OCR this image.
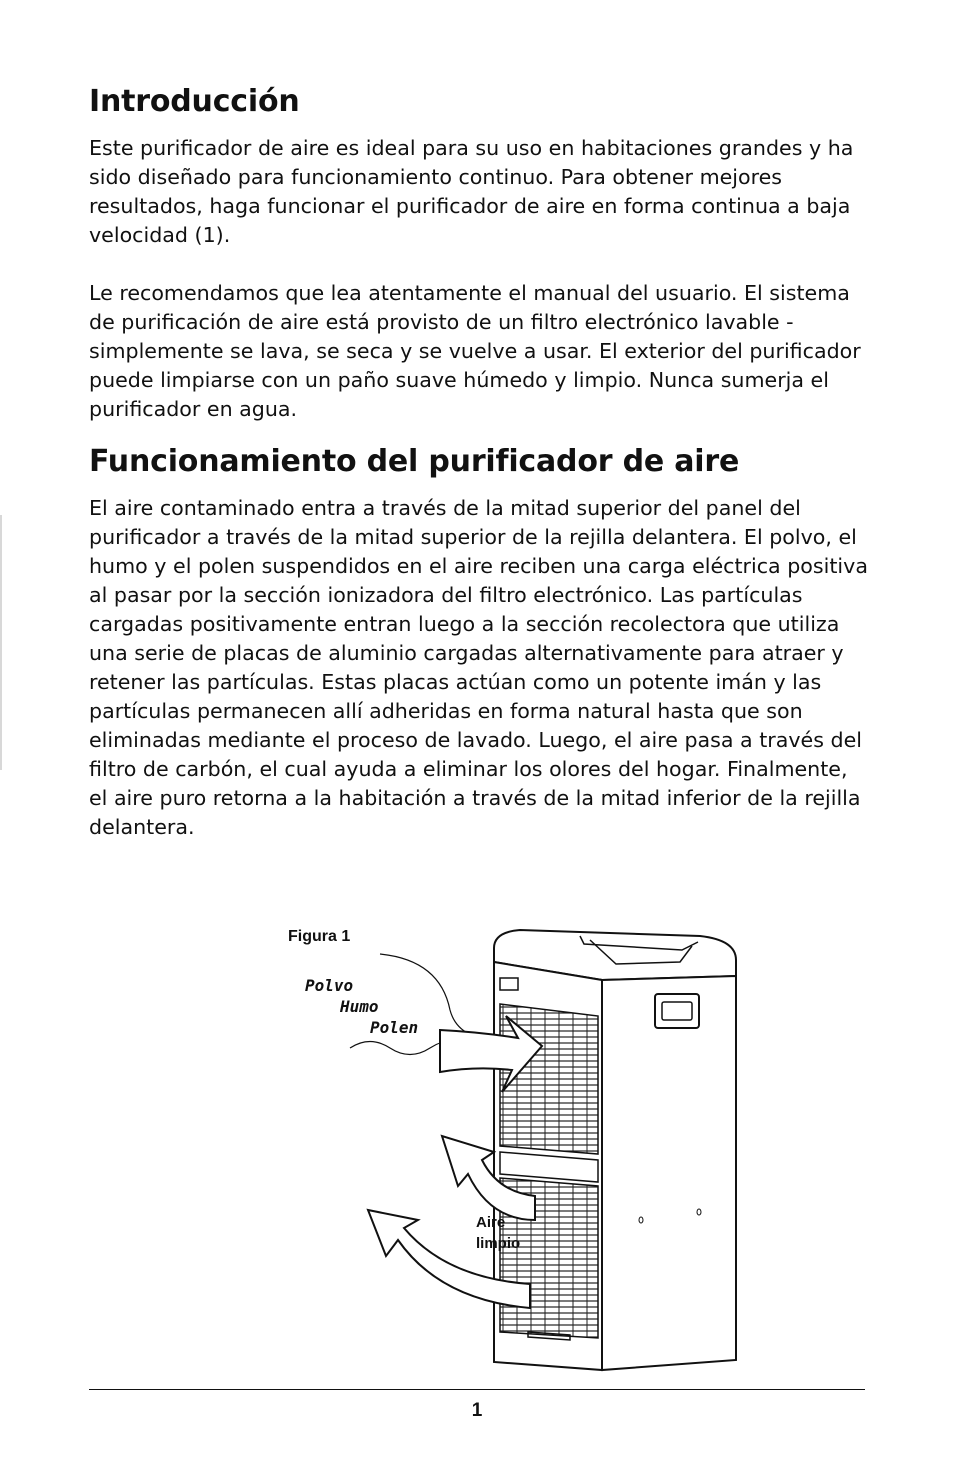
Introducción

Este purificador de aire es ideal para su uso en habitaciones grandes y ha sido diseñado para funcionamiento continuo. Para obtener mejores resultados, haga funcionar el purificador de aire en forma continua a baja velocidad (1).

Le recomendamos que lea atentamente el manual del usuario. El sistema de purificación de aire está provisto de un filtro electrónico lavable - simplemente se lava, se seca y se vuelve a usar. El exterior del purificador puede limpiarse con un paño suave húmedo y limpio. Nunca sumerja el purificador en agua.

Funcionamiento del purificador de aire

El aire contaminado entra a través de la mitad superior del panel del purificador a través de la mitad superior de la rejilla delantera. El polvo, el humo y el polen suspendidos en el aire reciben una carga eléctrica positiva al pasar por la sección ionizadora del filtro electrónico. Las partículas cargadas positivamente entran luego a la sección recolectora que utiliza una serie de placas de aluminio cargadas alternativamente para atraer y retener las partículas. Estas placas actúan como un potente imán y las partículas permanecen allí adheridas en forma natural hasta que son eliminadas mediante el proceso de lavado. Luego, el aire pasa a través del filtro de carbón, el cual ayuda a eliminar los olores del hogar. Finalmente, el aire puro retorna a la habitación a través de la mitad inferior de la rejilla delantera.

Figura 1
Polvo
Humo
Polen
Aire
limpio
1
